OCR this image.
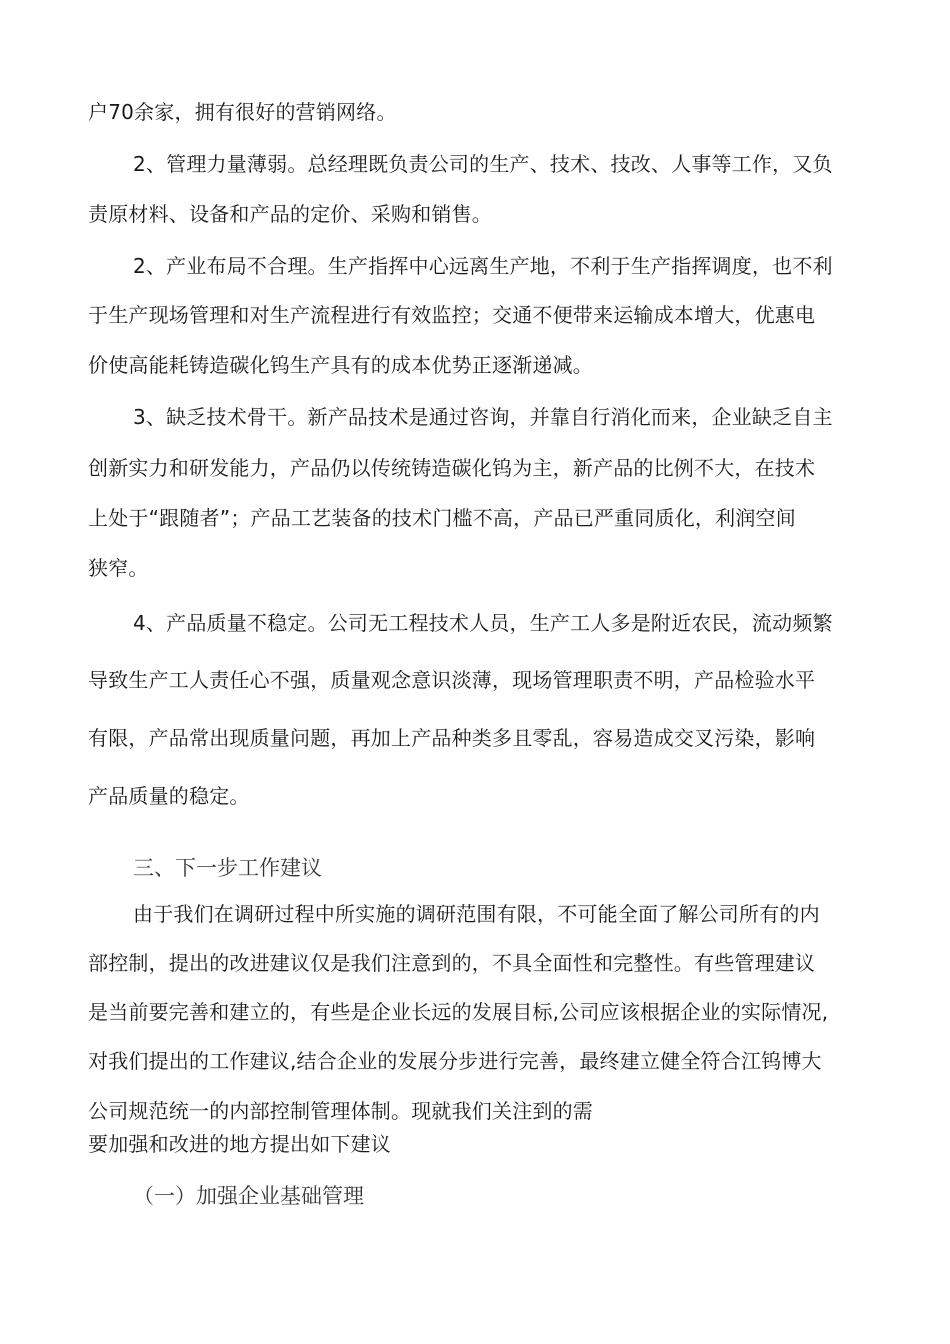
户70余家，拥有很好的营销网络。
2、管理力量薄弱。总经理既负责公司的生产、技术、技改、人事等工作，又负
责原材料、设备和产品的定价、采购和销售。
2、产业布局不合理。生产指挥中心远离生产地，不利于生产指挥调度，也不利
于生产现场管理和对生产流程进行有效监控；交通不便带来运输成本增大，优惠电
价使高能耗铸造碳化钨生产具有的成本优势正逐渐递减。
3、缺乏技术骨干。新产品技术是通过咨询，并靠自行消化而来，企业缺乏自主
创新实力和研发能力，产品仍以传统铸造碳化钨为主，新产品的比例不大，在技术
上处于“跟随者”；产品工艺装备的技术门槛不高，产品已严重同质化，利润空间
狭窄。
4、产品质量不稳定。公司无工程技术人员，生产工人多是附近农民，流动频繁
导致生产工人责任心不强，质量观念意识淡薄，现场管理职责不明，产品检验水平
有限，产品常出现质量问题，再加上产品种类多且零乱，容易造成交叉污染，影响
产品质量的稳定。
三、下一步工作建议
由于我们在调研过程中所实施的调研范围有限，不可能全面了解公司所有的内
部控制，提出的改进建议仅是我们注意到的，不具全面性和完整性。有些管理建议
是当前要完善和建立的，有些是企业长远的发展目标,公司应该根据企业的实际情况,
对我们提出的工作建议,结合企业的发展分步进行完善，最终建立健全符合江钨博大
公司规范统一的内部控制管理体制。现就我们关注到的需
要加强和改进的地方提出如下建议
（一）加强企业基础管理
